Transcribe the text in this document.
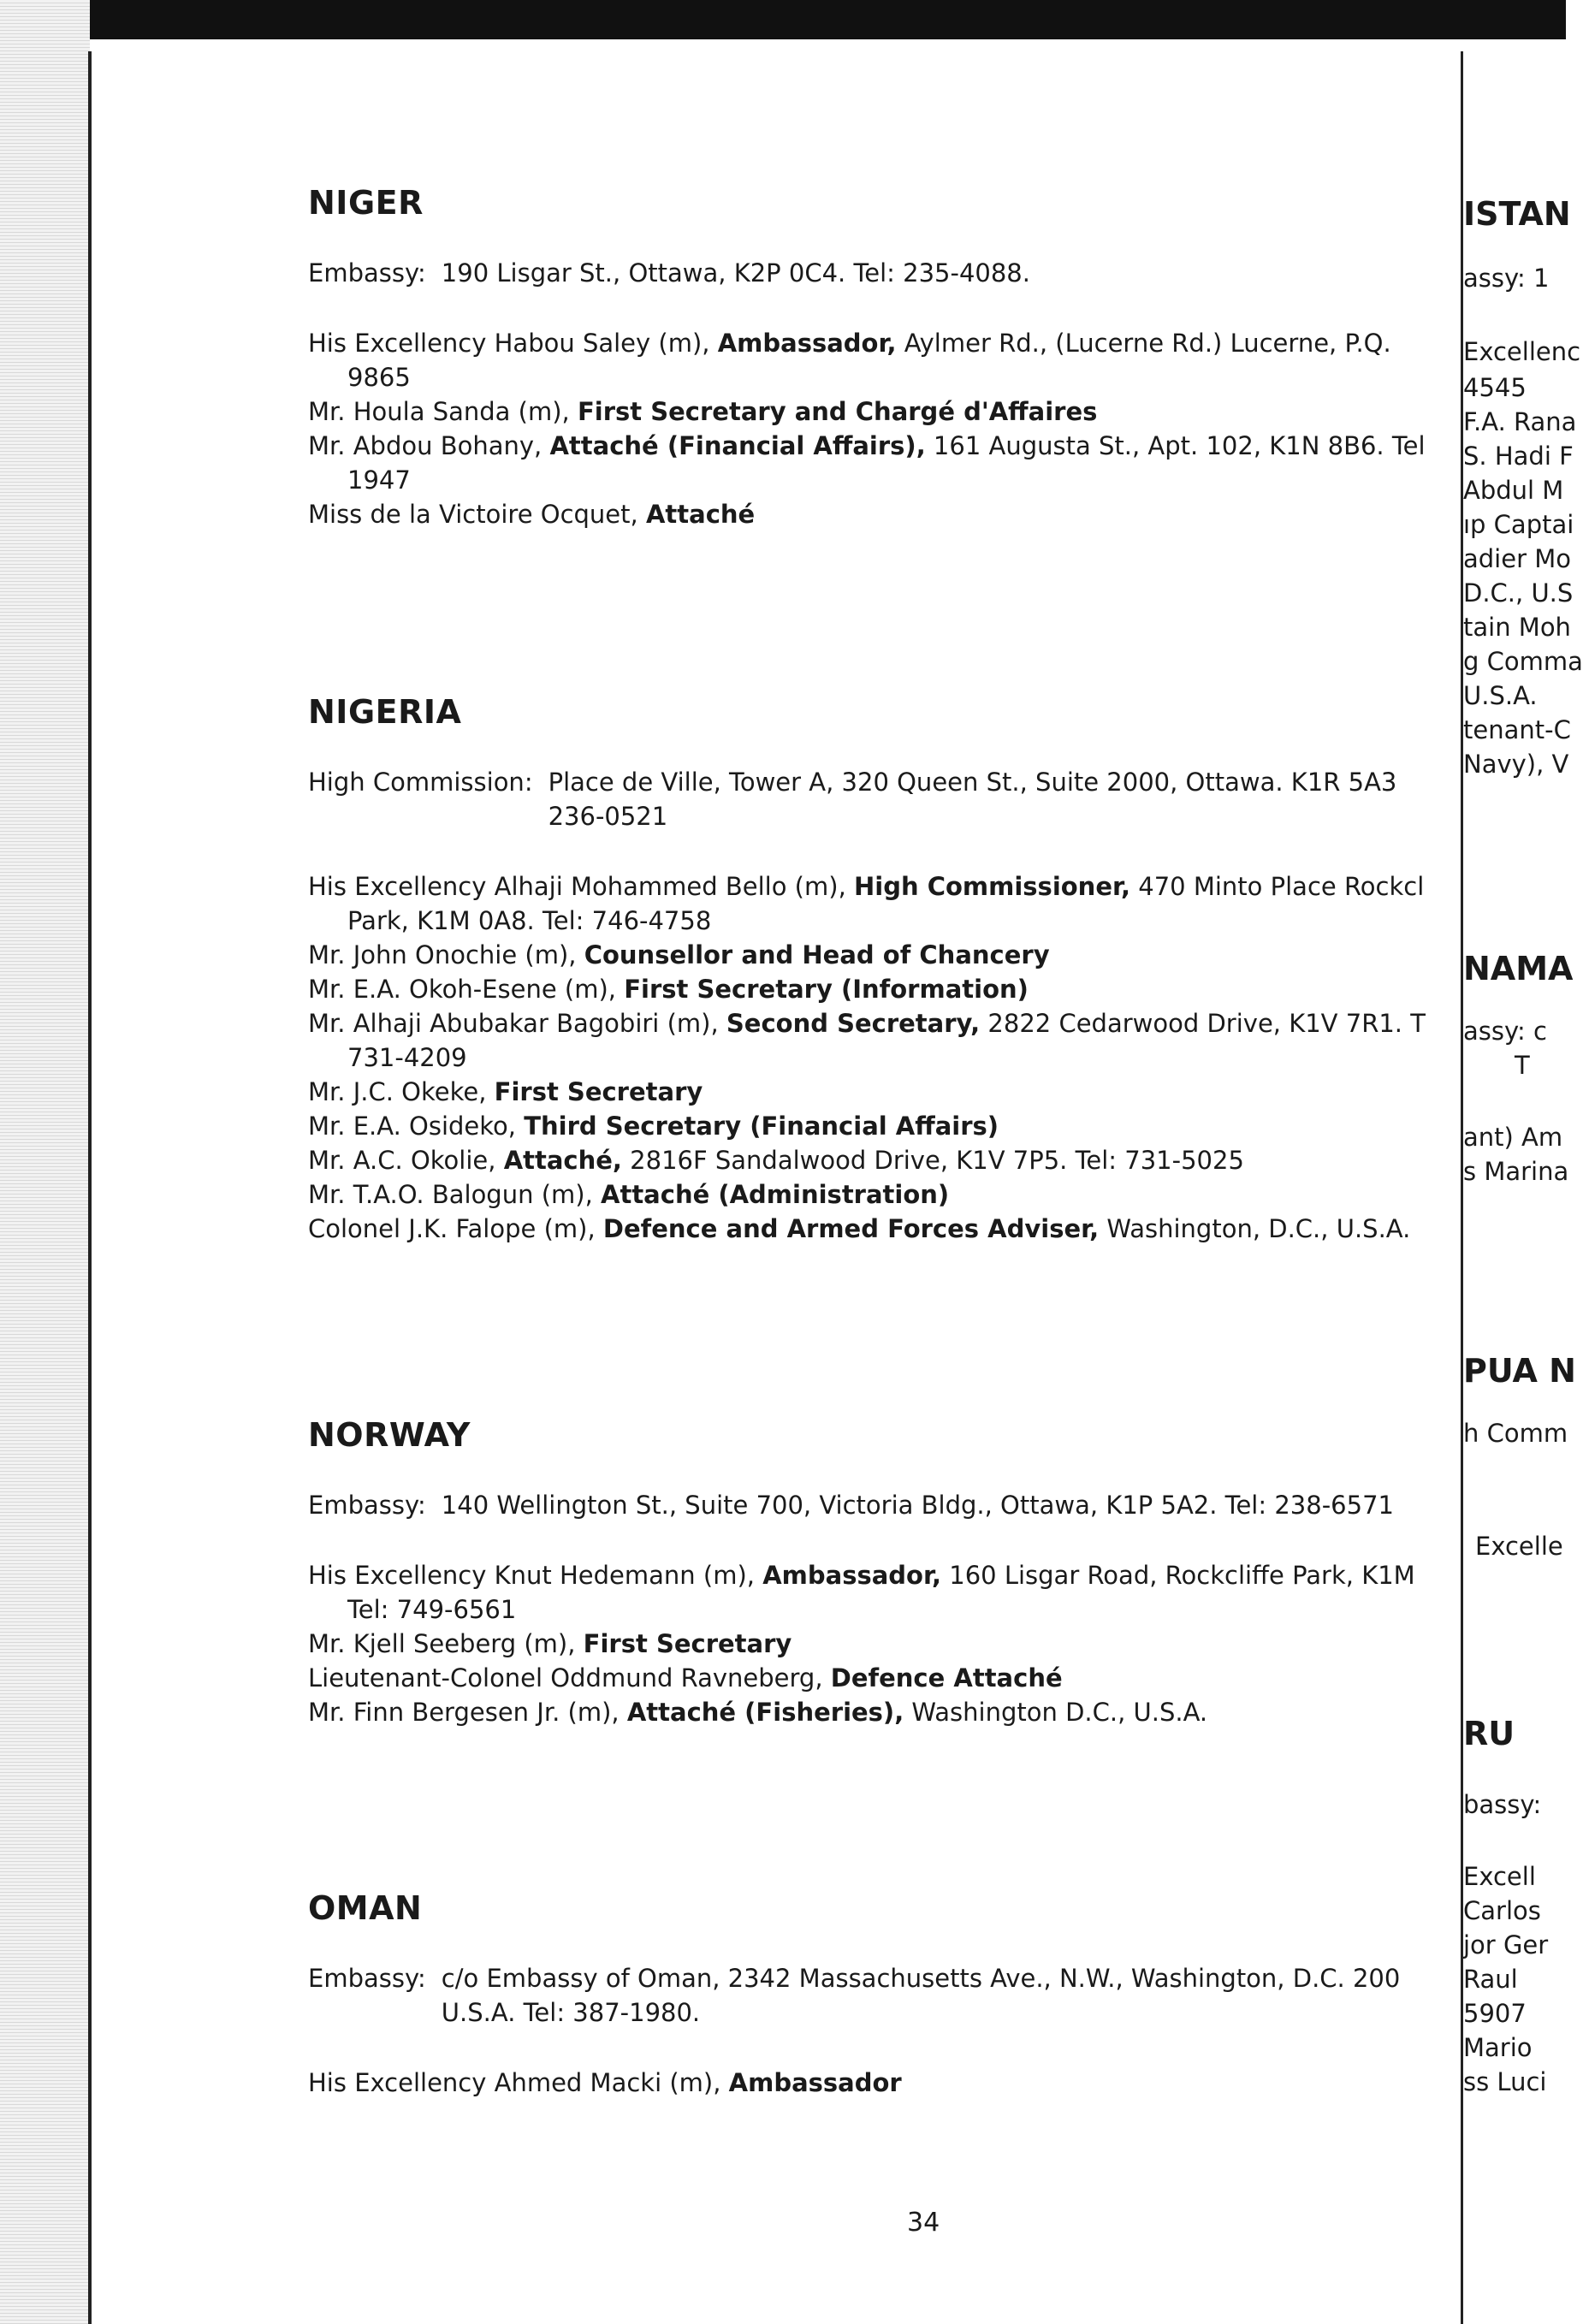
NIGER
Embassy: 190 Lisgar St., Ottawa, K2P 0C4. Tel: 235-4088.
His Excellency Habou Saley (m), Ambassador, Aylmer Rd., (Lucerne Rd.) Lucerne, P.Q. 9865
Mr. Houla Sanda (m), First Secretary and Chargé d'Affaires
Mr. Abdou Bohany, Attaché (Financial Affairs), 161 Augusta St., Apt. 102, K1N 8B6. Tel 1947
Miss de la Victoire Ocquet, Attaché
NIGERIA
High Commission: Place de Ville, Tower A, 320 Queen St., Suite 2000, Ottawa. K1R 5A3 236-0521
His Excellency Alhaji Mohammed Bello (m), High Commissioner, 470 Minto Place Rockcl Park, K1M 0A8. Tel: 746-4758
Mr. John Onochie (m), Counsellor and Head of Chancery
Mr. E.A. Okoh-Esene (m), First Secretary (Information)
Mr. Alhaji Abubakar Bagobiri (m), Second Secretary, 2822 Cedarwood Drive, K1V 7R1. T 731-4209
Mr. J.C. Okeke, First Secretary
Mr. E.A. Osideko, Third Secretary (Financial Affairs)
Mr. A.C. Okolie, Attaché, 2816F Sandalwood Drive, K1V 7P5. Tel: 731-5025
Mr. T.A.O. Balogun (m), Attaché (Administration)
Colonel J.K. Falope (m), Defence and Armed Forces Adviser, Washington, D.C., U.S.A.
NORWAY
Embassy: 140 Wellington St., Suite 700, Victoria Bldg., Ottawa, K1P 5A2. Tel: 238-6571
His Excellency Knut Hedemann (m), Ambassador, 160 Lisgar Road, Rockcliffe Park, K1M Tel: 749-6561
Mr. Kjell Seeberg (m), First Secretary
Lieutenant-Colonel Oddmund Ravneberg, Defence Attaché
Mr. Finn Bergesen Jr. (m), Attaché (Fisheries), Washington D.C., U.S.A.
OMAN
Embassy: c/o Embassy of Oman, 2342 Massachusetts Ave., N.W., Washington, D.C. 200 U.S.A. Tel: 387-1980.
His Excellency Ahmed Macki (m), Ambassador
34
ISTAN
assy: 1
Excellenc
4545
F.A. Rana
S. Hadi F
Abdul M
ıp Captai
adier Mo
D.C., U.S
tain Moh
g Comma
U.S.A.
tenant-C
Navy), V
NAMA
assy: c
T
ant) Am
s Marina
PUA N
h Comm
Excelle
RU
bassy:
Excell
Carlos
jor Ger
Raul
5907
Mario
ss Luci
